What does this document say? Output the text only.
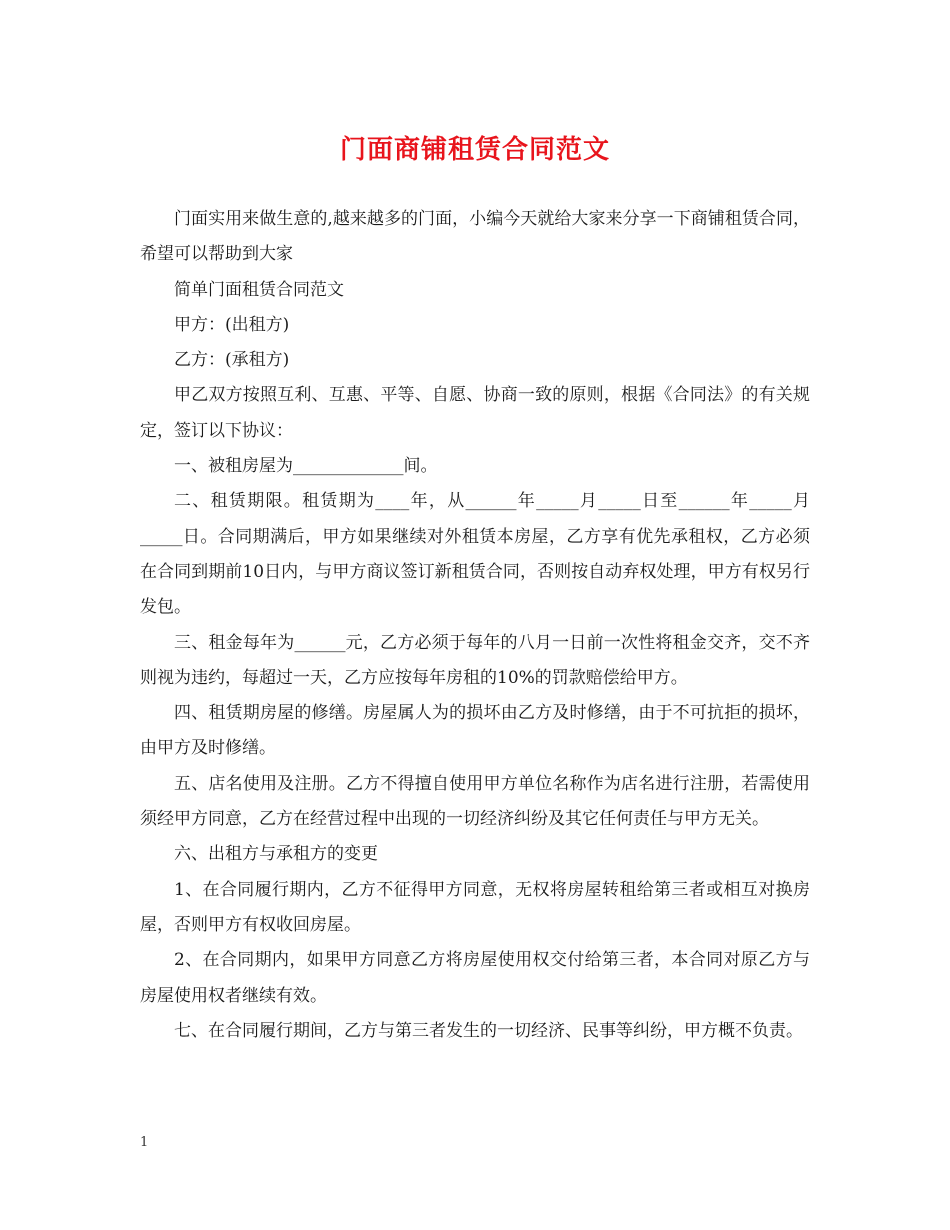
门面商铺租赁合同范文

门面实用来做生意的,越来越多的门面，小编今天就给大家来分享一下商铺租赁合同，希望可以帮助到大家

简单门面租赁合同范文

甲方：(出租方)

乙方：(承租方)

甲乙双方按照互利、互惠、平等、自愿、协商一致的原则，根据《合同法》的有关规定，签订以下协议：

一、被租房屋为_____________间。

二、租赁期限。租赁期为____年，从______年_____月_____日至______年_____月_____日。合同期满后，甲方如果继续对外租赁本房屋，乙方享有优先承租权，乙方必须在合同到期前10日内，与甲方商议签订新租赁合同，否则按自动弃权处理，甲方有权另行发包。

三、租金每年为______元，乙方必须于每年的八月一日前一次性将租金交齐，交不齐则视为违约，每超过一天，乙方应按每年房租的10%的罚款赔偿给甲方。

四、租赁期房屋的修缮。房屋属人为的损坏由乙方及时修缮，由于不可抗拒的损坏，由甲方及时修缮。

五、店名使用及注册。乙方不得擅自使用甲方单位名称作为店名进行注册，若需使用须经甲方同意，乙方在经营过程中出现的一切经济纠纷及其它任何责任与甲方无关。

六、出租方与承租方的变更

1、在合同履行期内，乙方不征得甲方同意，无权将房屋转租给第三者或相互对换房屋，否则甲方有权收回房屋。

2、在合同期内，如果甲方同意乙方将房屋使用权交付给第三者，本合同对原乙方与房屋使用权者继续有效。

七、在合同履行期间，乙方与第三者发生的一切经济、民事等纠纷，甲方概不负责。

1
